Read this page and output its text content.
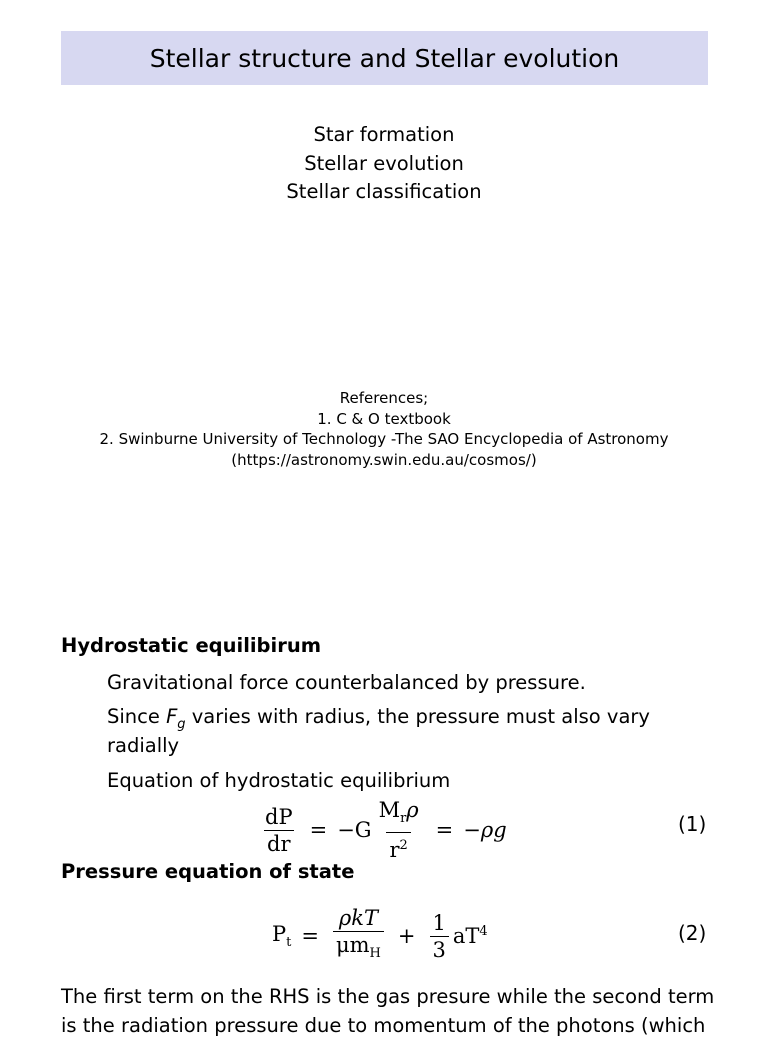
Stellar structure and Stellar evolution
Star formation
Stellar evolution
Stellar classification
References;
1. C & O textbook
2. Swinburne University of Technology -The SAO Encyclopedia of Astronomy
(https://astronomy.swin.edu.au/cosmos/)
Hydrostatic equilibirum
Gravitational force counterbalanced by pressure.
Since $F_g$ varies with radius, the pressure must also vary
radially
Equation of hydrostatic equilibrium
$\frac{dP}{dr} = -G \frac{M_r\rho}{r^2} = -\rho g$	(1)
Pressure equation of state
$P_t = \frac{\text{ρkT}}{\mu m_H} + \frac{1}{3} aT^4$	(2)
The first term on the RHS is the gas presure while the second term
is the radiation pressure due to momentum of the photons (which
